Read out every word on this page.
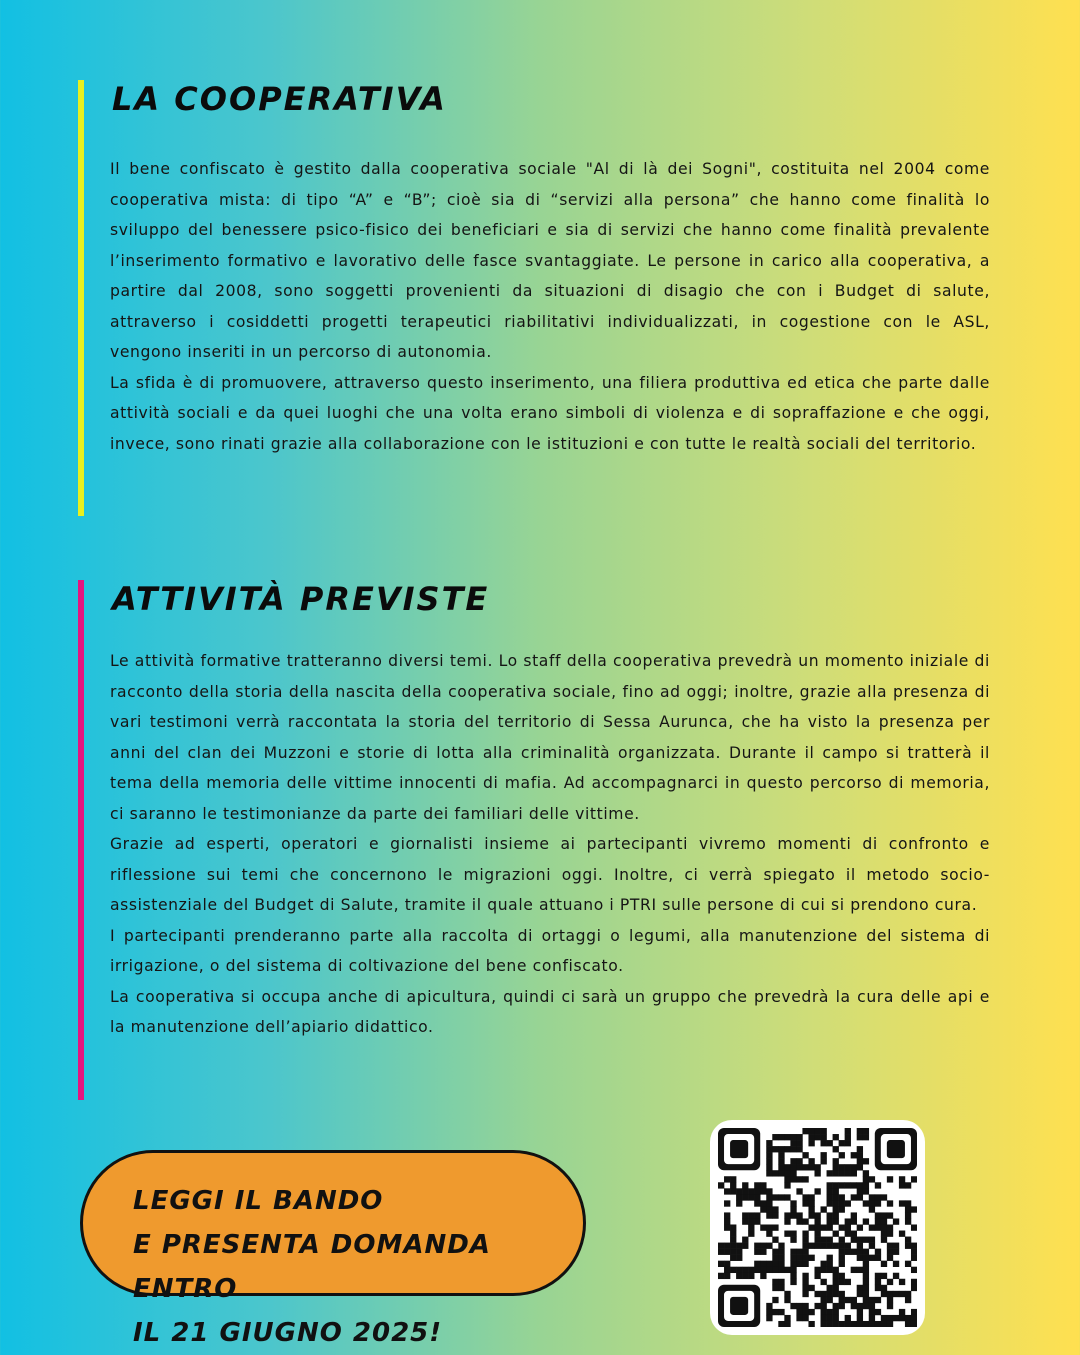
LA COOPERATIVA

Il bene confiscato è gestito dalla cooperativa sociale "Al di là dei Sogni", costituita nel 2004 come cooperativa mista: di tipo “A” e “B”; cioè sia di “servizi alla persona” che hanno come finalità lo sviluppo del benessere psico-fisico dei beneficiari e sia di servizi che hanno come finalità prevalente l’inserimento formativo e lavorativo delle fasce svantaggiate. Le persone in carico alla cooperativa, a partire dal 2008, sono soggetti provenienti da situazioni di disagio che con i Budget di salute, attraverso i cosiddetti progetti terapeutici riabilitativi individualizzati, in cogestione con le ASL, vengono inseriti in un percorso di autonomia.

La sfida è di promuovere, attraverso questo inserimento, una filiera produttiva ed etica che parte dalle attività sociali e da quei luoghi che una volta erano simboli di violenza e di sopraffazione e che oggi, invece, sono rinati grazie alla collaborazione con le istituzioni e con tutte le realtà sociali del territorio.

ATTIVITÀ PREVISTE

Le attività formative tratteranno diversi temi. Lo staff della cooperativa prevedrà un momento iniziale di racconto della storia della nascita della cooperativa sociale, fino ad oggi; inoltre, grazie alla presenza di vari testimoni verrà raccontata la storia del territorio di Sessa Aurunca, che ha visto la presenza per anni del clan dei Muzzoni e storie di lotta alla criminalità organizzata. Durante il campo si tratterà il tema della memoria delle vittime innocenti di mafia. Ad accompagnarci in questo percorso di memoria, ci saranno le testimonianze da parte dei familiari delle vittime.

Grazie ad esperti, operatori e giornalisti insieme ai partecipanti vivremo momenti di confronto e riflessione sui temi che concernono le migrazioni oggi. Inoltre, ci verrà spiegato il metodo socio-assistenziale del Budget di Salute, tramite il quale attuano i PTRI sulle persone di cui si prendono cura.

I partecipanti prenderanno parte alla raccolta di ortaggi o legumi, alla manutenzione del sistema di irrigazione, o del sistema di coltivazione del bene confiscato.

La cooperativa si occupa anche di apicultura, quindi ci sarà un gruppo che prevedrà la cura delle api e la manutenzione dell’apiario didattico.

LEGGI IL BANDO
E PRESENTA DOMANDA ENTRO
IL 21 GIUGNO 2025!
